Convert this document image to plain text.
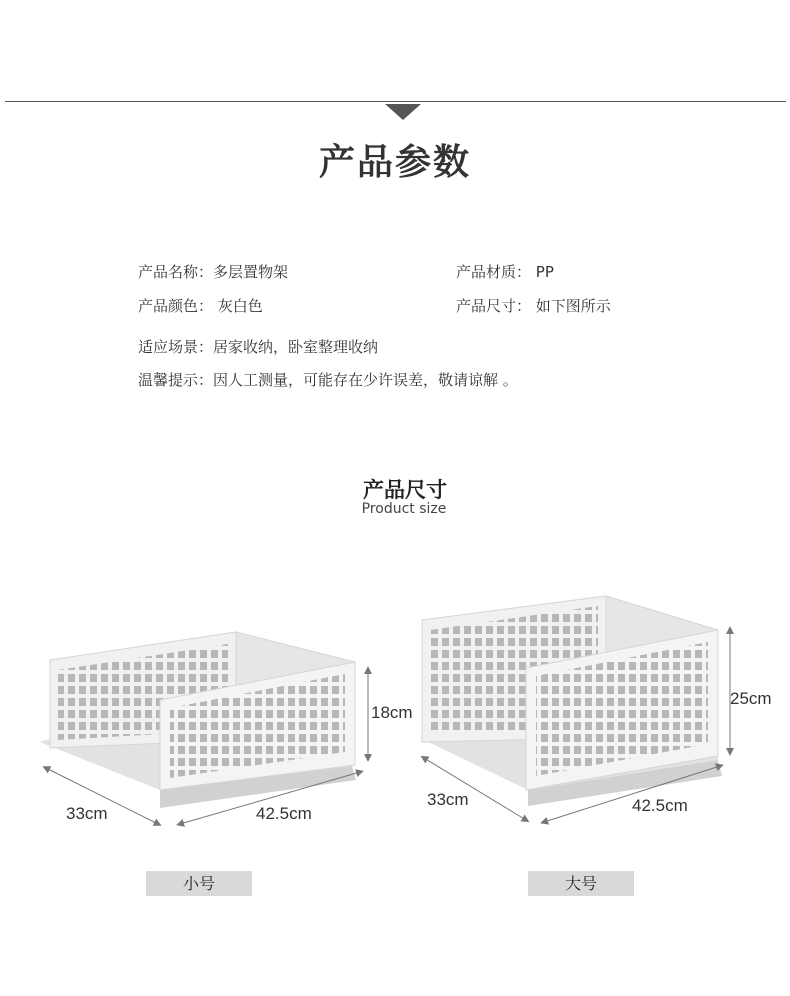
产品参数
产品名称：多层置物架	产品材质： PP
产品颜色： 灰白色	产品尺寸： 如下图所示
适应场景：居家收纳，卧室整理收纳
温馨提示：因人工测量，可能存在少许误差，敬请谅解 。
产品尺寸
Product size
33cm	42.5cm
18cm
33cm	42.5cm
25cm
小号	大号
